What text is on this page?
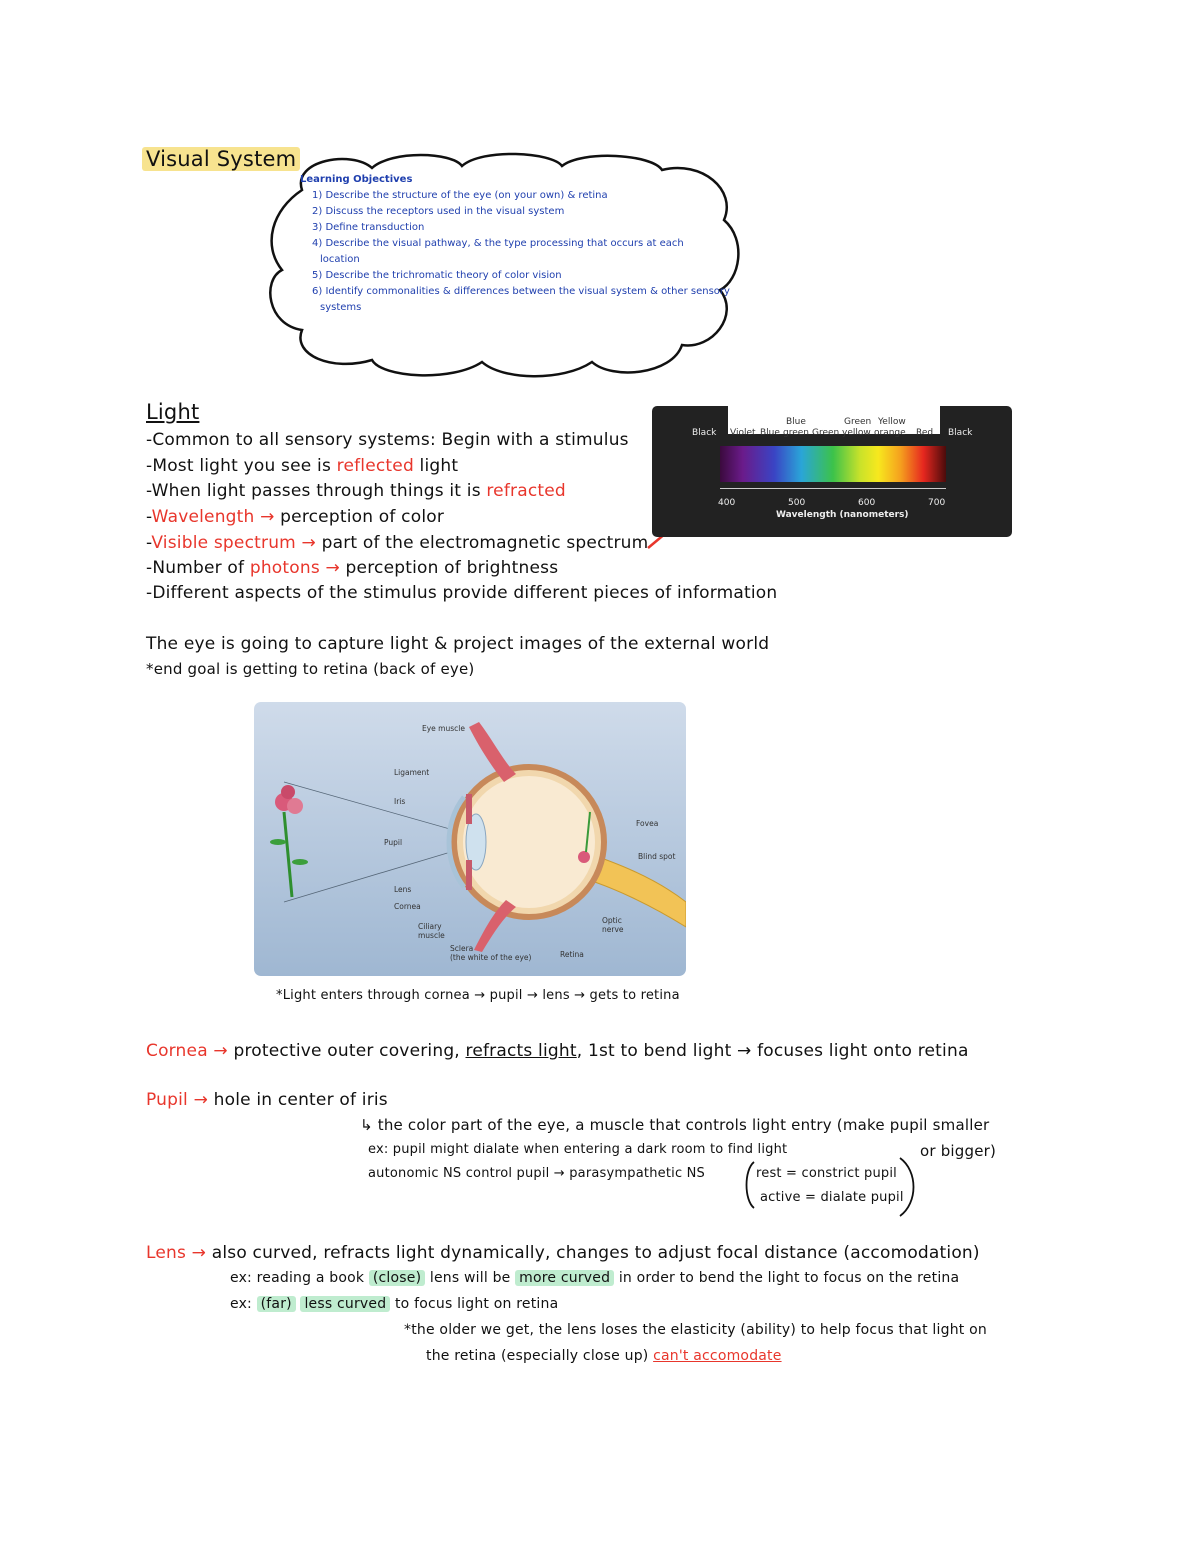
Visual System
Learning Objectives
1) Describe the structure of the eye (on your own) & retina
2) Discuss the receptors used in the visual system
3) Define transduction
4) Describe the visual pathway, & the type processing that occurs at each
location
5) Describe the trichromatic theory of color vision
6) Identify commonalities & differences between the visual system & other sensory
systems
Light
-Common to all sensory systems: Begin with a stimulus
-Most light you see is reflected light
-When light passes through things it is refracted
-Wavelength → perception of color
-Visible spectrum → part of the electromagnetic spectrum
-Number of photons → perception of brightness
-Different aspects of the stimulus provide different pieces of information
Blue	Green Yellow
Black Violet Blue green Green yellow orange Red Black
400	500	600	700
Wavelength (nanometers)
The eye is going to capture light & project images of the external world
*end goal is getting to retina (back of eye)
Eye muscle
Ligament
Iris
Pupil
Lens
Cornea
Ciliary
muscle
Sclera
(the white of the eye)	Retina
Optic
nerve
Fovea
Blind spot
*Light enters through cornea → pupil → lens → gets to retina
Cornea → protective outer covering, refracts light, 1st to bend light → focuses light onto retina
Pupil → hole in center of iris
↳ the color part of the eye, a muscle that controls light entry (make pupil smaller
ex: pupil might dialate when entering a dark room to find light	or bigger)
autonomic NS control pupil → parasympathetic NS	rest = constrict pupil
active = dialate pupil
Lens → also curved, refracts light dynamically, changes to adjust focal distance (accomodation)
ex: reading a book (close) lens will be more curved in order to bend the light to focus on the retina
ex: (far) less curved to focus light on retina
*the older we get, the lens loses the elasticity (ability) to help focus that light on
the retina (especially close up) can't accomodate
